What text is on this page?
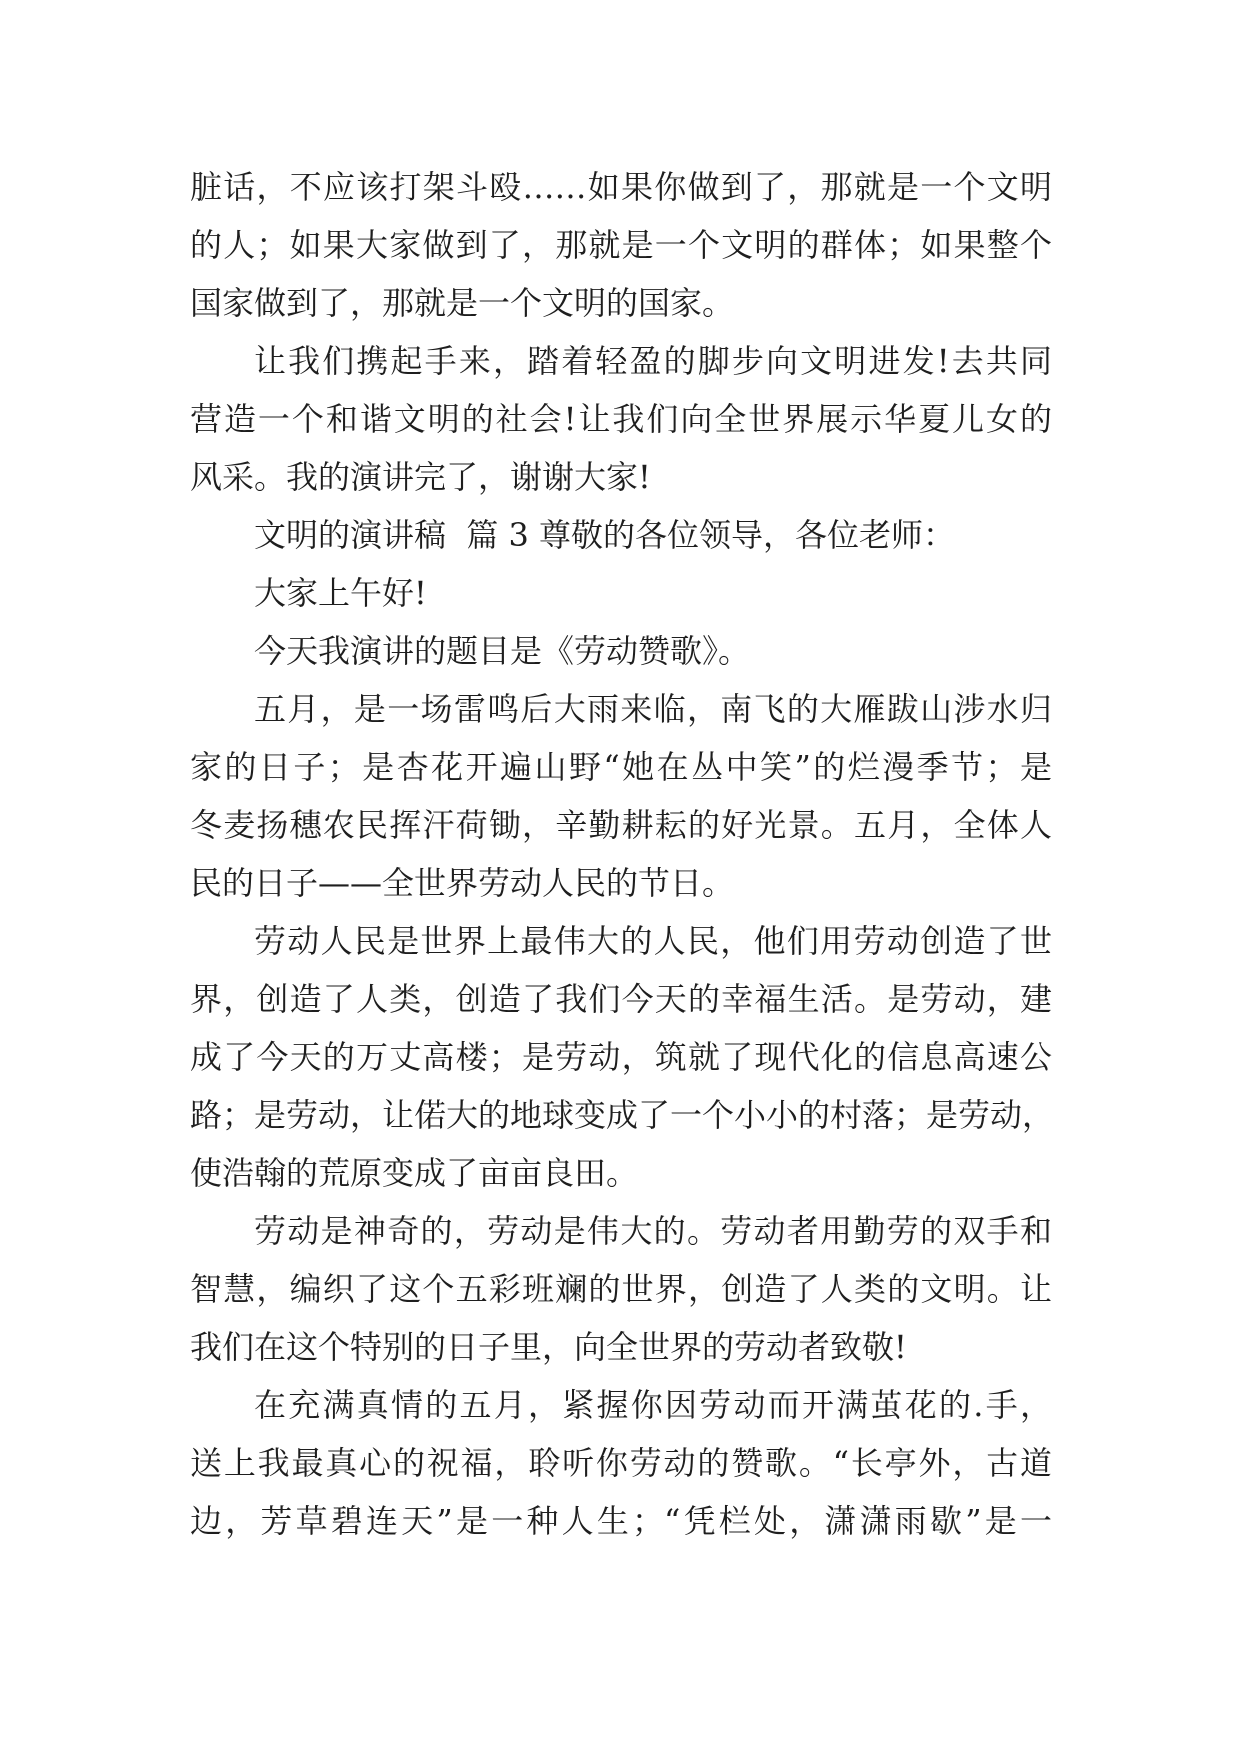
脏话，不应该打架斗殴……如果你做到了，那就是一个文明
的人；如果大家做到了，那就是一个文明的群体；如果整个
国家做到了，那就是一个文明的国家。
让我们携起手来，踏着轻盈的脚步向文明进发!去共同
营造一个和谐文明的社会!让我们向全世界展示华夏儿女的
风采。我的演讲完了，谢谢大家!
文明的演讲稿  篇 3 尊敬的各位领导，各位老师：
大家上午好!
今天我演讲的题目是《劳动赞歌》。
五月，是一场雷鸣后大雨来临，南飞的大雁跋山涉水归
家的日子；是杏花开遍山野“她在丛中笑”的烂漫季节；是
冬麦扬穗农民挥汗荷锄，辛勤耕耘的好光景。五月，全体人
民的日子——全世界劳动人民的节日。
劳动人民是世界上最伟大的人民，他们用劳动创造了世
界，创造了人类，创造了我们今天的幸福生活。是劳动，建
成了今天的万丈高楼；是劳动，筑就了现代化的信息高速公
路；是劳动，让偌大的地球变成了一个小小的村落；是劳动，
使浩翰的荒原变成了亩亩良田。
劳动是神奇的，劳动是伟大的。劳动者用勤劳的双手和
智慧，编织了这个五彩班斓的世界，创造了人类的文明。让
我们在这个特别的日子里，向全世界的劳动者致敬!
在充满真情的五月，紧握你因劳动而开满茧花的.手，
送上我最真心的祝福，聆听你劳动的赞歌。“长亭外，古道
边，芳草碧连天”是一种人生；“凭栏处，潇潇雨歇”是一
